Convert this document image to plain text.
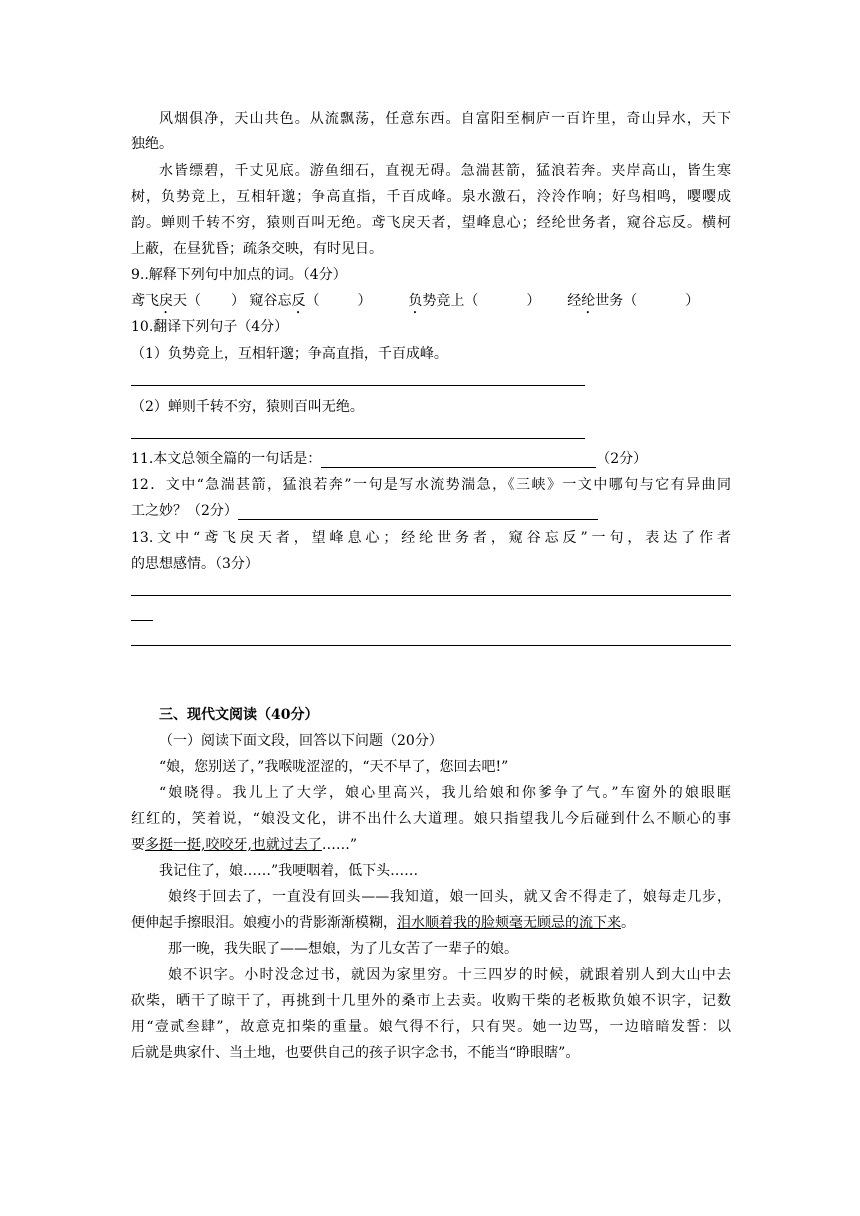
风烟俱净，天山共色。从流飘荡，任意东西。自富阳至桐庐一百许里，奇山异水，天下
独绝。
水皆缥碧，千丈见底。游鱼细石，直视无碍。急湍甚箭，猛浪若奔。夹岸高山，皆生寒
树，负势竞上，互相轩邈；争高直指，千百成峰。泉水激石，泠泠作响；好鸟相鸣，嘤嘤成
韵。蝉则千转不穷，猿则百叫无绝。鸢飞戾天者，望峰息心；经纶世务者，窥谷忘反。横柯
上蔽，在昼犹昏；疏条交映，有时见日。
9..解释下列句中加点的词。（4分）
鸢飞戾天（ ） 窥谷忘反（	）	负势竞上（	） 经纶世务（	）
10.翻译下列句子（4分）
（1）负势竞上，互相轩邈；争高直指，千百成峰。
（2）蝉则千转不穷，猿则百叫无绝。
11.本文总领全篇的一句话是：	（2分）
12．文中“急湍甚箭，猛浪若奔”一句是写水流势湍急，《三峡》一文中哪句与它有异曲同
工之妙？（2分）
13.文中“鸢飞戾天者，望峰息心；经纶世务者，窥谷忘反”一句，表达了作者
的思想感情。（3分）
三、现代文阅读（40分）
（一）阅读下面文段，回答以下问题（20分）
“娘，您别送了，”我喉咙涩涩的，“天不早了，您回去吧!”
“娘晓得。我儿上了大学，娘心里高兴，我儿给娘和你爹争了气。”车窗外的娘眼眶
红红的，笑着说，“娘没文化，讲不出什么大道理。娘只指望我儿今后碰到什么不顺心的事
要多挺一挺,咬咬牙,也就过去了……”
我记住了，娘……”我哽咽着，低下头……
娘终于回去了，一直没有回头——我知道，娘一回头，就又舍不得走了，娘每走几步，
便伸起手擦眼泪。娘瘦小的背影渐渐模糊，泪水顺着我的脸颊毫无顾忌的流下来。
那一晚，我失眠了——想娘，为了儿女苦了一辈子的娘。
娘不识字。小时没念过书，就因为家里穷。十三四岁的时候，就跟着别人到大山中去
砍柴，晒干了晾干了，再挑到十几里外的桑市上去卖。收购干柴的老板欺负娘不识字，记数
用“壹贰叁肆”，故意克扣柴的重量。娘气得不行，只有哭。她一边骂，一边暗暗发誓：以
后就是典家什、当土地，也要供自己的孩子识字念书，不能当“睁眼瞎”。
